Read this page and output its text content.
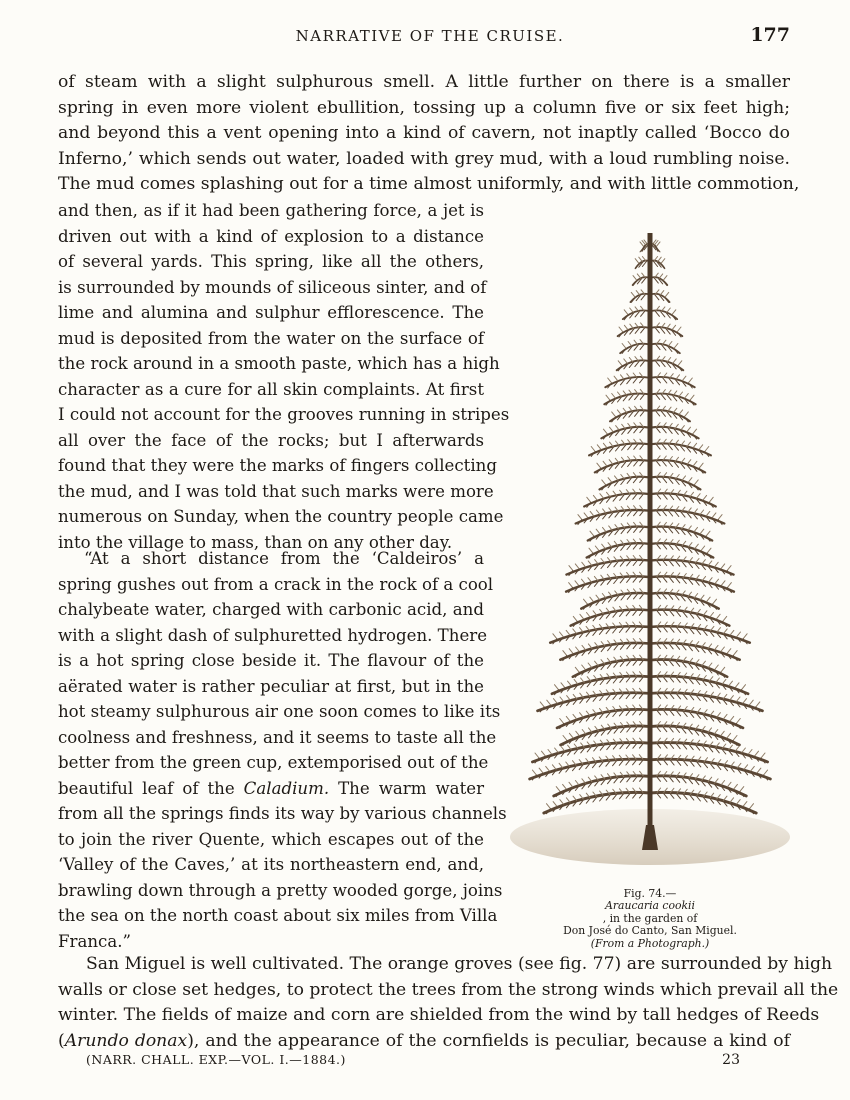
NARRATIVE OF THE CRUISE.	177
of steam with a slight sulphurous smell. A little further on there is a smaller
spring in even more violent ebullition, tossing up a column five or six feet high;
and beyond this a vent opening into a kind of cavern, not inaptly called ‘Bocco do
Inferno,’ which sends out water, loaded with grey mud, with a loud rumbling noise.
The mud comes splashing out for a time almost uniformly, and with little commotion,
and then, as if it had been gathering force, a jet is
driven out with a kind of explosion to a distance
of several yards. This spring, like all the others,
is surrounded by mounds of siliceous sinter, and of
lime and alumina and sulphur efflorescence. The
mud is deposited from the water on the surface of
the rock around in a smooth paste, which has a high
character as a cure for all skin complaints. At first
I could not account for the grooves running in stripes
all over the face of the rocks; but I afterwards
found that they were the marks of fingers collecting
the mud, and I was told that such marks were more
numerous on Sunday, when the country people came
into the village to mass, than on any other day.
“At a short distance from the ‘Caldeiros’ a
spring gushes out from a crack in the rock of a cool
chalybeate water, charged with carbonic acid, and
with a slight dash of sulphuretted hydrogen. There
is a hot spring close beside it. The flavour of the
aërated water is rather peculiar at first, but in the
hot steamy sulphurous air one soon comes to like its
coolness and freshness, and it seems to taste all the
better from the green cup, extemporised out of the
beautiful leaf of the Caladium. The warm water
from all the springs finds its way by various channels
to join the river Quente, which escapes out of the
‘Valley of the Caves,’ at its northeastern end, and,
brawling down through a pretty wooded gorge, joins
the sea on the north coast about six miles from Villa
Franca.”
Fig. 74.—
Araucaria cookii
, in the garden of
Don José do Canto, San Miguel.
(From a Photograph.)
San Miguel is well cultivated. The orange groves (see fig. 77) are surrounded by high
walls or close set hedges, to protect the trees from the strong winds which prevail all the
winter. The fields of maize and corn are shielded from the wind by tall hedges of Reeds
(Arundo donax), and the appearance of the cornfields is peculiar, because a kind of
(NARR. CHALL. EXP.—VOL. I.—1884.)	23
